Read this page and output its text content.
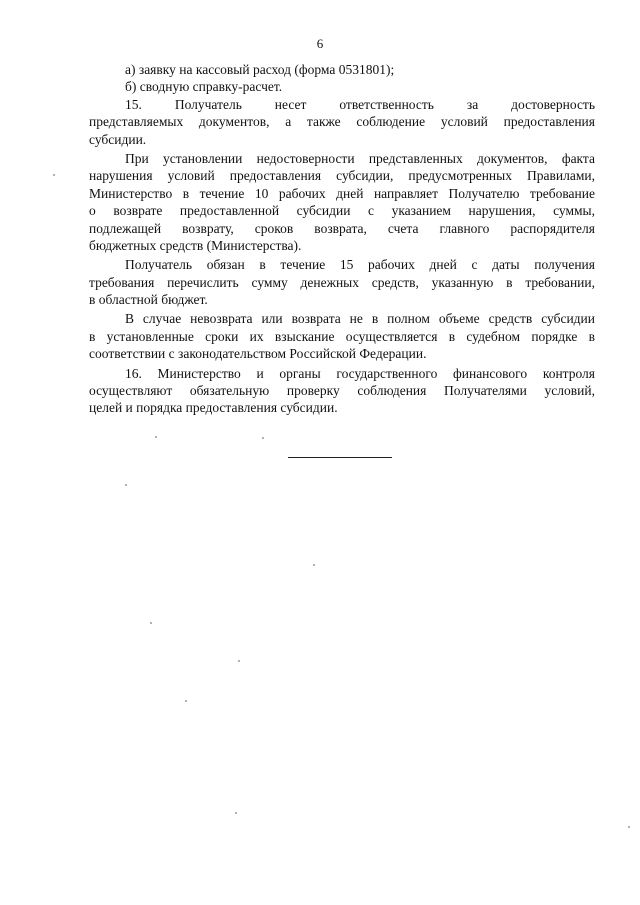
6
а) заявку на кассовый расход (форма 0531801);
б) сводную справку-расчет.
15. Получатель несет ответственность за достоверность
представляемых документов, а также соблюдение условий предоставления
субсидии.
При установлении недостоверности представленных документов, факта
нарушения условий предоставления субсидии, предусмотренных Правилами,
Министерство в течение 10 рабочих дней направляет Получателю требование
о возврате предоставленной субсидии с указанием нарушения, суммы,
подлежащей возврату, сроков возврата, счета главного распорядителя
бюджетных средств (Министерства).
Получатель обязан в течение 15 рабочих дней с даты получения
требования перечислить сумму денежных средств, указанную в требовании,
в областной бюджет.
В случае невозврата или возврата не в полном объеме средств субсидии
в установленные сроки их взыскание осуществляется в судебном порядке в
соответствии с законодательством Российской Федерации.
16. Министерство и органы государственного финансового контроля
осуществляют обязательную проверку соблюдения Получателями условий,
целей и порядка предоставления субсидии.
